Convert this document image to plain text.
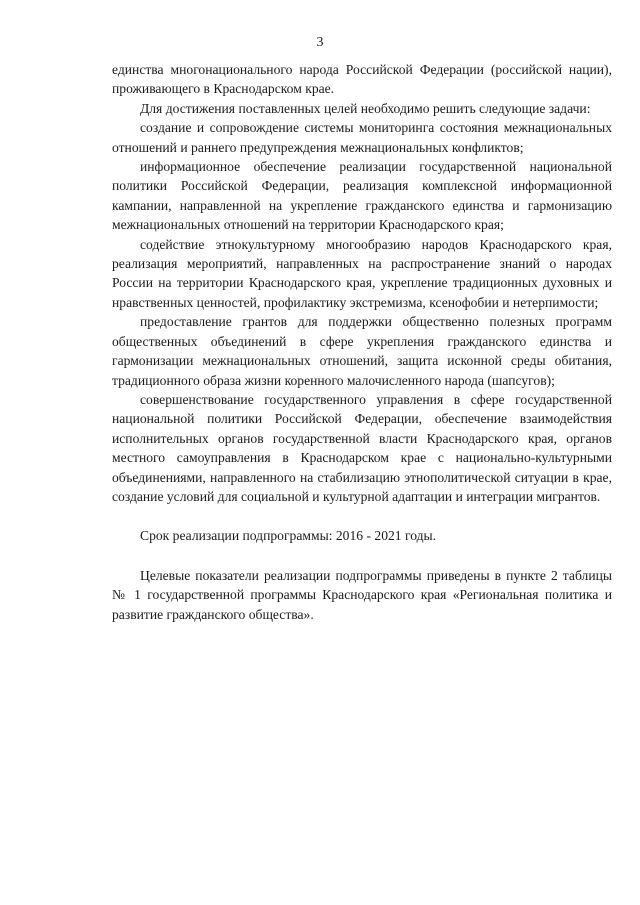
3

единства многонационального народа Российской Федерации (российской нации), проживающего в Краснодарском крае.

Для достижения поставленных целей необходимо решить следующие задачи:

создание и сопровождение системы мониторинга состояния межнациональных отношений и раннего предупреждения межнациональных конфликтов;

информационное обеспечение реализации государственной национальной политики Российской Федерации, реализация комплексной информационной кампании, направленной на укрепление гражданского единства и гармонизацию межнациональных отношений на территории Краснодарского края;

содействие этнокультурному многообразию народов Краснодарского края, реализация мероприятий, направленных на распространение знаний о народах России на территории Краснодарского края, укрепление традиционных духовных и нравственных ценностей, профилактику экстремизма, ксенофобии и нетерпимости;

предоставление грантов для поддержки общественно полезных программ общественных объединений в сфере укрепления гражданского единства и гармонизации межнациональных отношений, защита исконной среды обитания, традиционного образа жизни коренного малочисленного народа (шапсугов);

совершенствование государственного управления в сфере государственной национальной политики Российской Федерации, обеспечение взаимодействия исполнительных органов государственной власти Краснодарского края, органов местного самоуправления в Краснодарском крае с национально-культурными объединениями, направленного на стабилизацию этнополитической ситуации в крае, создание условий для социальной и культурной адаптации и интеграции мигрантов.

Срок реализации подпрограммы: 2016 - 2021 годы.

Целевые показатели реализации подпрограммы приведены в пункте 2 таблицы № 1 государственной программы Краснодарского края «Региональная политика и развитие гражданского общества».
